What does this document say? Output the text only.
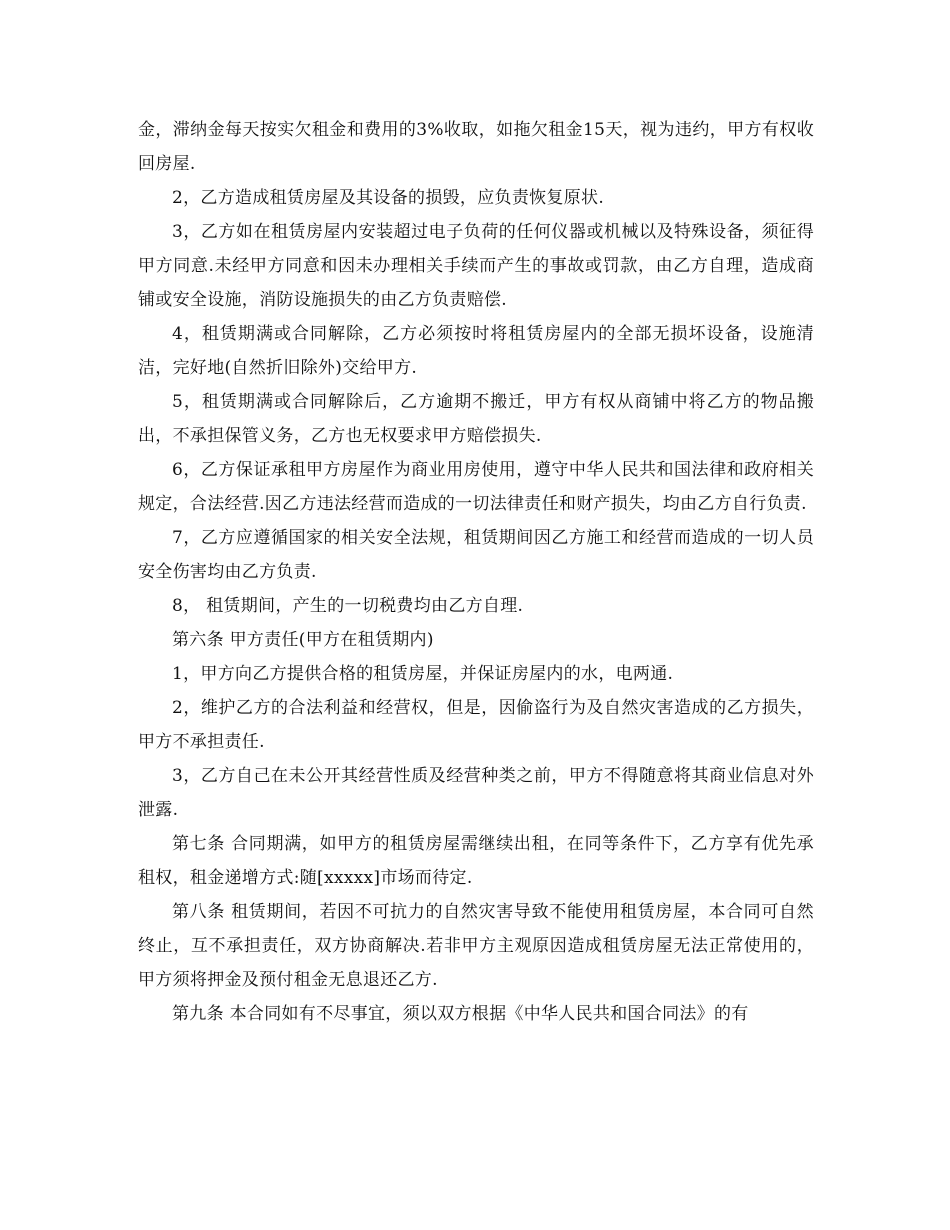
金，滞纳金每天按实欠租金和费用的3%收取，如拖欠租金15天，视为违约，甲方有权收回房屋.

2，乙方造成租赁房屋及其设备的损毁，应负责恢复原状.

3，乙方如在租赁房屋内安装超过电子负荷的任何仪器或机械以及特殊设备，须征得甲方同意.未经甲方同意和因未办理相关手续而产生的事故或罚款，由乙方自理，造成商铺或安全设施，消防设施损失的由乙方负责赔偿.

4，租赁期满或合同解除，乙方必须按时将租赁房屋内的全部无损坏设备，设施清洁，完好地(自然折旧除外)交给甲方.

5，租赁期满或合同解除后，乙方逾期不搬迁，甲方有权从商铺中将乙方的物品搬出，不承担保管义务，乙方也无权要求甲方赔偿损失.

6，乙方保证承租甲方房屋作为商业用房使用，遵守中华人民共和国法律和政府相关规定，合法经营.因乙方违法经营而造成的一切法律责任和财产损失，均由乙方自行负责.

7，乙方应遵循国家的相关安全法规，租赁期间因乙方施工和经营而造成的一切人员安全伤害均由乙方负责.

8， 租赁期间，产生的一切税费均由乙方自理.

第六条 甲方责任(甲方在租赁期内)

1，甲方向乙方提供合格的租赁房屋，并保证房屋内的水，电两通.

2，维护乙方的合法利益和经营权，但是，因偷盗行为及自然灾害造成的乙方损失，甲方不承担责任.

3，乙方自己在未公开其经营性质及经营种类之前，甲方不得随意将其商业信息对外泄露.

第七条 合同期满，如甲方的租赁房屋需继续出租，在同等条件下，乙方享有优先承租权，租金递增方式:随[xxxxx]市场而待定.

第八条 租赁期间，若因不可抗力的自然灾害导致不能使用租赁房屋，本合同可自然终止，互不承担责任，双方协商解决.若非甲方主观原因造成租赁房屋无法正常使用的，甲方须将押金及预付租金无息退还乙方.

第九条 本合同如有不尽事宜，须以双方根据《中华人民共和国合同法》的有
